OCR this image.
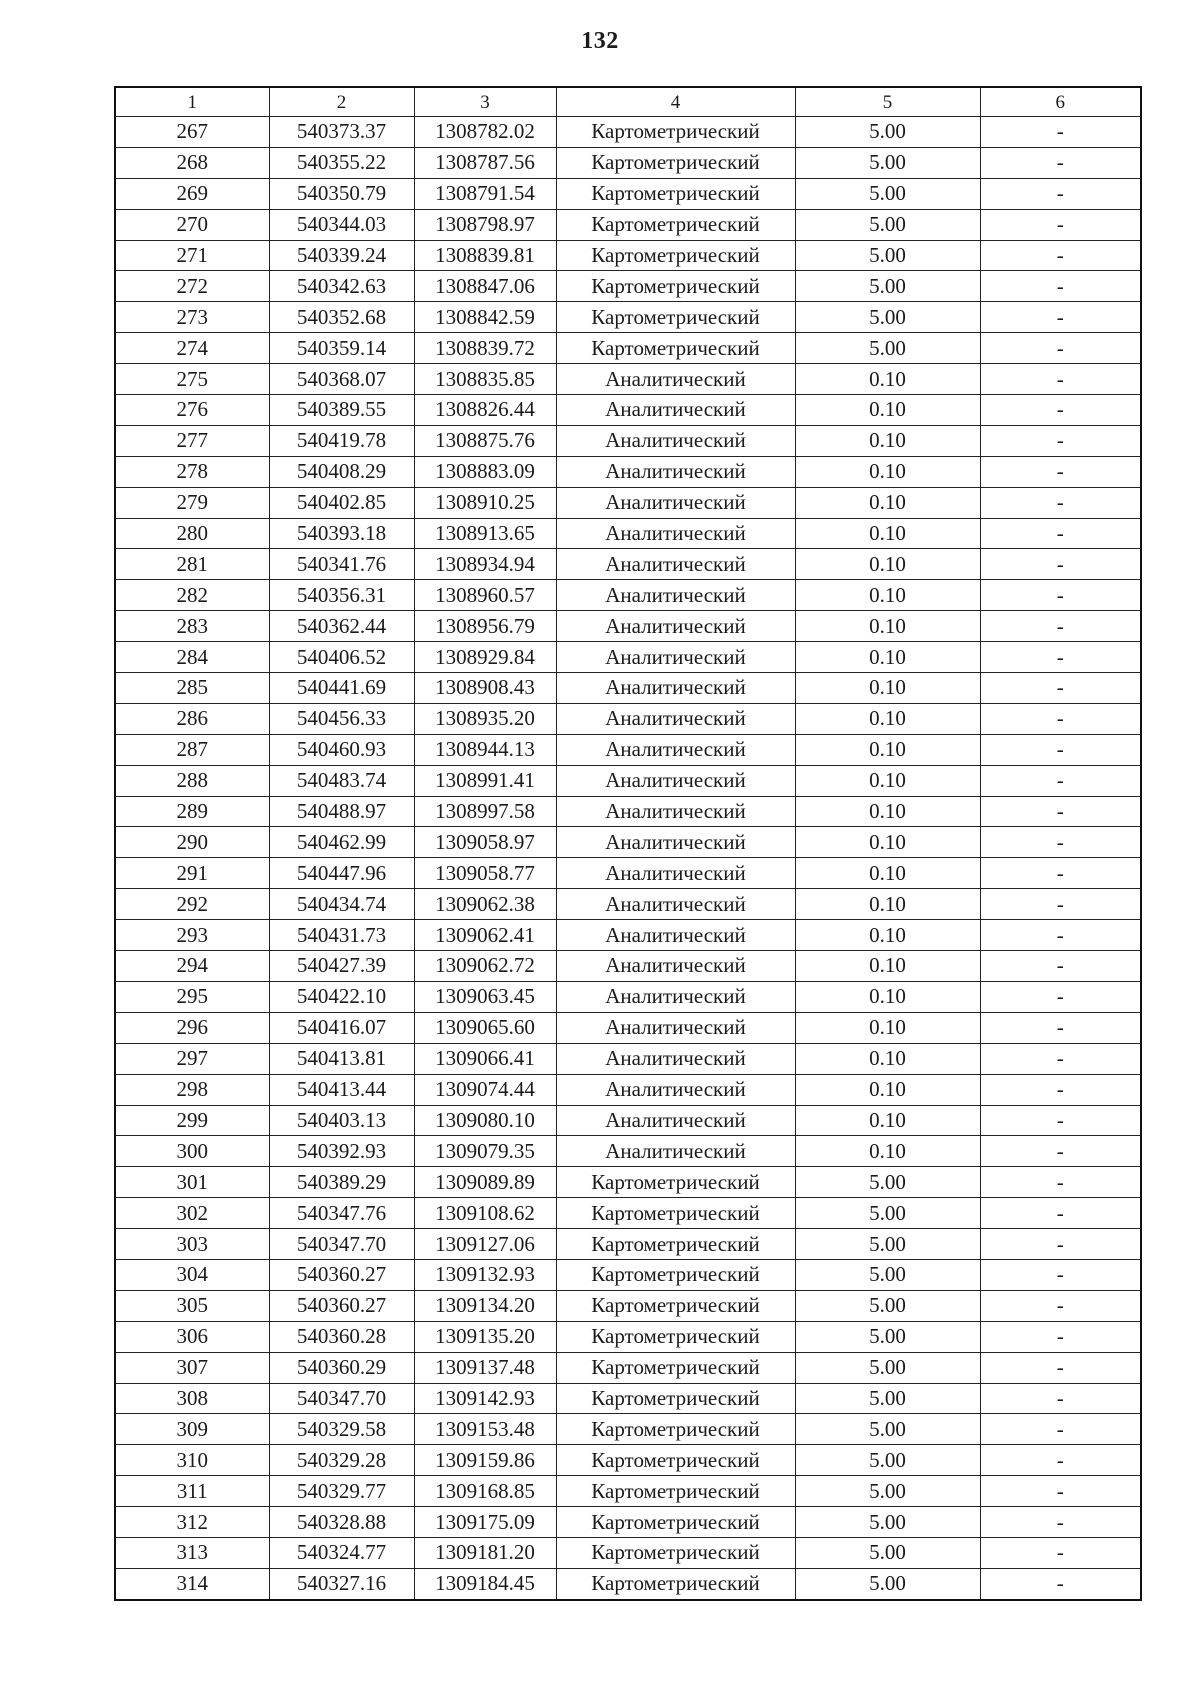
132
1	2	3	4	5	6
267	540373.37	1308782.02	Картометрический	5.00	-
268	540355.22	1308787.56	Картометрический	5.00	-
269	540350.79	1308791.54	Картометрический	5.00	-
270	540344.03	1308798.97	Картометрический	5.00	-
271	540339.24	1308839.81	Картометрический	5.00	-
272	540342.63	1308847.06	Картометрический	5.00	-
273	540352.68	1308842.59	Картометрический	5.00	-
274	540359.14	1308839.72	Картометрический	5.00	-
275	540368.07	1308835.85	Аналитический	0.10	-
276	540389.55	1308826.44	Аналитический	0.10	-
277	540419.78	1308875.76	Аналитический	0.10	-
278	540408.29	1308883.09	Аналитический	0.10	-
279	540402.85	1308910.25	Аналитический	0.10	-
280	540393.18	1308913.65	Аналитический	0.10	-
281	540341.76	1308934.94	Аналитический	0.10	-
282	540356.31	1308960.57	Аналитический	0.10	-
283	540362.44	1308956.79	Аналитический	0.10	-
284	540406.52	1308929.84	Аналитический	0.10	-
285	540441.69	1308908.43	Аналитический	0.10	-
286	540456.33	1308935.20	Аналитический	0.10	-
287	540460.93	1308944.13	Аналитический	0.10	-
288	540483.74	1308991.41	Аналитический	0.10	-
289	540488.97	1308997.58	Аналитический	0.10	-
290	540462.99	1309058.97	Аналитический	0.10	-
291	540447.96	1309058.77	Аналитический	0.10	-
292	540434.74	1309062.38	Аналитический	0.10	-
293	540431.73	1309062.41	Аналитический	0.10	-
294	540427.39	1309062.72	Аналитический	0.10	-
295	540422.10	1309063.45	Аналитический	0.10	-
296	540416.07	1309065.60	Аналитический	0.10	-
297	540413.81	1309066.41	Аналитический	0.10	-
298	540413.44	1309074.44	Аналитический	0.10	-
299	540403.13	1309080.10	Аналитический	0.10	-
300	540392.93	1309079.35	Аналитический	0.10	-
301	540389.29	1309089.89	Картометрический	5.00	-
302	540347.76	1309108.62	Картометрический	5.00	-
303	540347.70	1309127.06	Картометрический	5.00	-
304	540360.27	1309132.93	Картометрический	5.00	-
305	540360.27	1309134.20	Картометрический	5.00	-
306	540360.28	1309135.20	Картометрический	5.00	-
307	540360.29	1309137.48	Картометрический	5.00	-
308	540347.70	1309142.93	Картометрический	5.00	-
309	540329.58	1309153.48	Картометрический	5.00	-
310	540329.28	1309159.86	Картометрический	5.00	-
311	540329.77	1309168.85	Картометрический	5.00	-
312	540328.88	1309175.09	Картометрический	5.00	-
313	540324.77	1309181.20	Картометрический	5.00	-
314	540327.16	1309184.45	Картометрический	5.00	-
